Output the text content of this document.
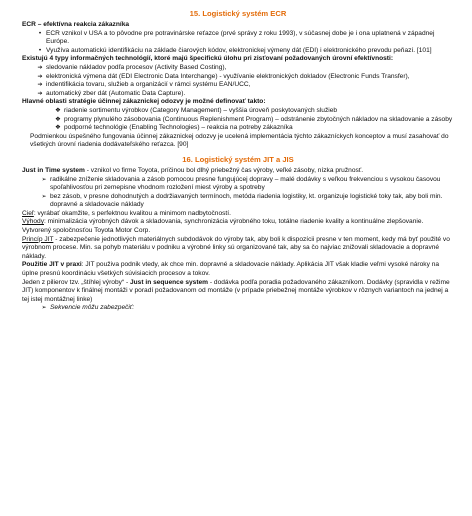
15. Logistický systém ECR
ECR – efektívna reakcia zákazníka
• ECR vznikol v USA a to pôvodne pre potravinárske reťazce (prvé správy z roku 1993), v súčasnej dobe je i ona uplatnená v západnej Európe.
• Využíva automatickú identifikáciu na základe čiarových kódov, elektronickej výmeny dát (EDI) i elektronického prevodu peňazí. [101]
Existujú 4 typy informačných technológií, ktoré majú špecifickú úlohu pri zisťovaní požadovaných úrovní efektívnosti:
➔ sledovanie nákladov podľa procesov (Activity Based Costing),
➔ elektronická výmena dát (EDI Electronic Data Interchange) - využívanie elektronických dokladov (Electronic Funds Transfer),
➔ indentifikácia tovaru, služieb a organizácií v rámci systému EAN/UCC,
➔ automatický zber dát (Automatic Data Capture).
Hlavné oblasti stratégie účinnej zákaznickej odozvy je možné definovať takto:
❖ riadenie sortimentu výrobkov (Category Management) – vyššia úroveň poskytovaných služieb
❖ programy plynulého zásobovania (Continuous Replenishment Program) – odstránenie zbytočných nákladov na skladovanie a zásoby
❖ podporné technológie (Enabling Technologies) – reakcia na potreby zákazníka
Podmienkou úspešného fungovania účinnej zákaznickej odozvy je ucelená implementácia týchto zákazníckych konceptov a musí zasahovať do všetkých úrovní riadenia dodávateľského reťazca. [90]
16. Logistický systém JIT a JIS
Just in Time system - vznikol vo firme Toyota, príčinou bol dlhý priebežný čas výroby, veľké zásoby, nízka pružnosť.
➢ radikálne zníženie skladovania a zásob pomocou presne fungujúcej dopravy – malé dodávky s veľkou frekvenciou s vysokou časovou spoľahlivosťou pri zemepisne vhodnom rozložení miest výroby a spotreby
➢ bez zásob, v presne dohodnutých a dodržiavaných termínoch, metóda riadenia logistiky, kt. organizuje logistické toky tak, aby boli min. dopravné a skladovacie náklady
Cieľ: vyrábať okamžite, s perfektnou kvalitou a minimom nadbytočností.
Výhody: minimalizácia výrobných dávok a skladovania, synchronizácia výrobného toku, totálne riadenie kvality a kontinuálne zlepšovanie. Vytvorený spoločnosťou Toyota Motor Corp.
Princíp JIT - zabezpečenie jednotlivých materiálnych subdodávok do výroby tak, aby boli k dispozícii presne v ten moment, kedy má byť použité vo výrobnom procese. Min. sa pohyb materiálu v podniku a výrobné linky sú organizované tak, aby sa čo najviac znižovali skladovacie a dopravné náklady.
Použitie JIT v praxi: JIT použiva podnik vtedy, ak chce min. dopravné a skladovacie náklady. Aplikácia JIT však kladie veľmi vysoké nároky na úplne presnú koordináciu všetkých súvisiacich procesov a tokov.
Jeden z pilierov tzv. „štíhlej výroby“ - Just in sequence system - dodávka podľa poradia požadovaného zákazníkom. Dodávky (spravidla v režime JIT) komponentov k finálnej montáži v poradí požadovanom od montáže (v prípade priebežnej montáže výrobkov v rôznych variantoch na jednej a tej istej montážnej linke)
➢ Sekvencie môžu zabezpečiť:
